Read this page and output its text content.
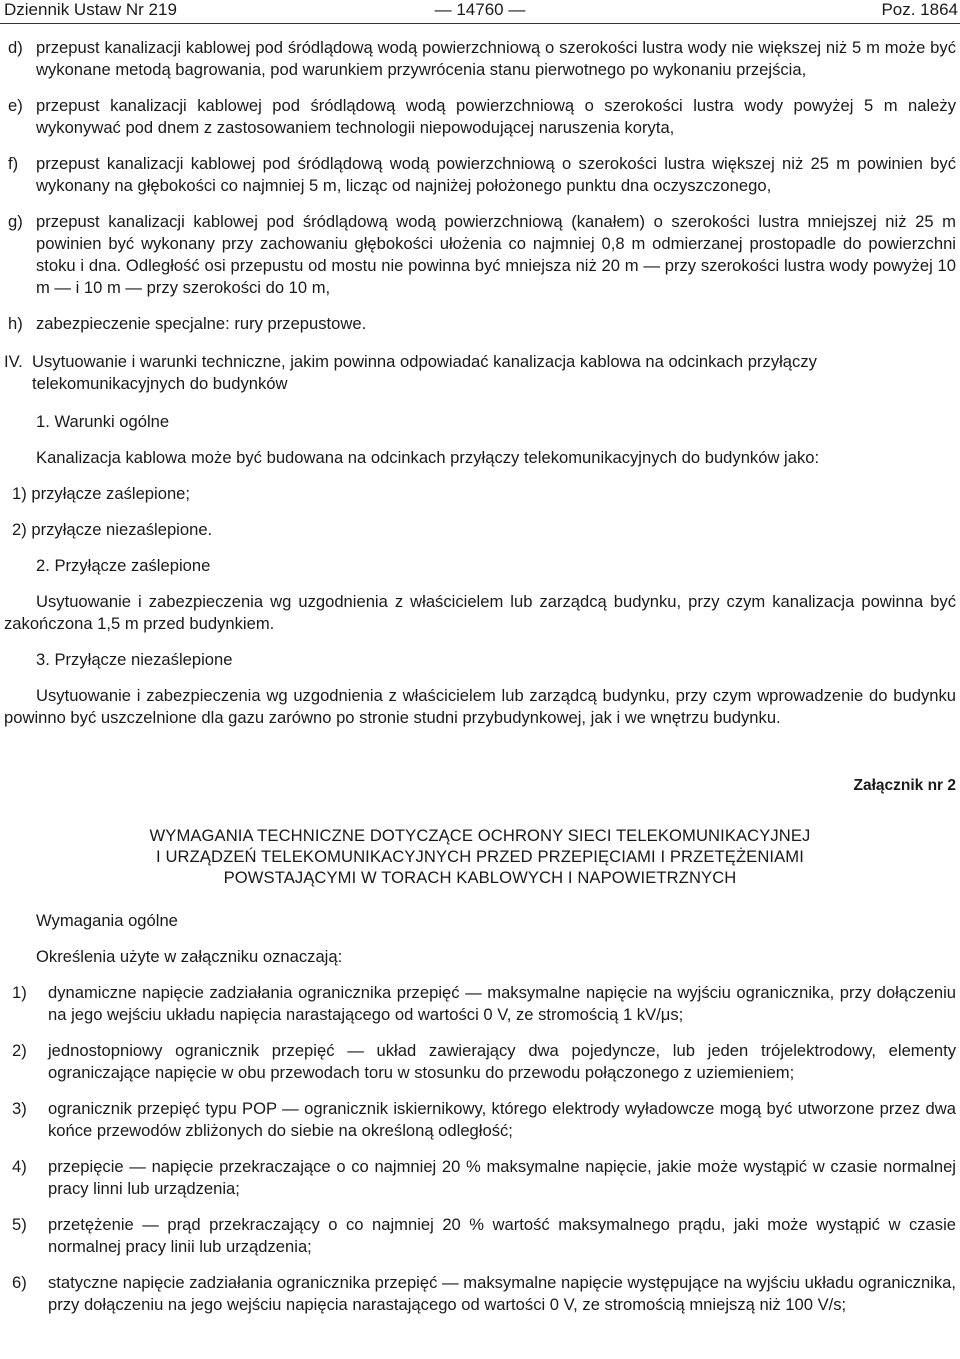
Dziennik Ustaw Nr 219	— 14760 —	Poz. 1864
d) przepust kanalizacji kablowej pod śródlądową wodą powierzchniową o szerokości lustra wody nie większej niż 5 m może być wykonane metodą bagrowania, pod warunkiem przywrócenia stanu pierwotnego po wykonaniu przejścia,
e) przepust kanalizacji kablowej pod śródlądową wodą powierzchniową o szerokości lustra wody powyżej 5 m należy wykonywać pod dnem z zastosowaniem technologii niepowodującej naruszenia koryta,
f)	przepust kanalizacji kablowej pod śródlądową wodą powierzchniową o szerokości lustra większej niż 25 m powinien być wykonany na głębokości co najmniej 5 m, licząc od najniżej położonego punktu dna oczyszczonego,
g) przepust kanalizacji kablowej pod śródlądową wodą powierzchniową (kanałem) o szerokości lustra mniejszej niż 25 m powinien być wykonany przy zachowaniu głębokości ułożenia co najmniej 0,8 m odmierzanej prostopadle do powierzchni stoku i dna. Odległość osi przepustu od mostu nie powinna być mniejsza niż 20 m — przy szerokości lustra wody powyżej 10 m — i 10 m — przy szerokości do 10 m,
h) zabezpieczenie specjalne: rury przepustowe.
IV. Usytuowanie i warunki techniczne, jakim powinna odpowiadać kanalizacja kablowa na odcinkach przyłączy telekomunikacyjnych do budynków
1. Warunki ogólne
Kanalizacja kablowa może być budowana na odcinkach przyłączy telekomunikacyjnych do budynków jako:
1) przyłącze zaślepione;
2) przyłącze niezaślepione.
2. Przyłącze zaślepione
Usytuowanie i zabezpieczenia wg uzgodnienia z właścicielem lub zarządcą budynku, przy czym kanalizacja powinna być zakończona 1,5 m przed budynkiem.
3. Przyłącze niezaślepione
Usytuowanie i zabezpieczenia wg uzgodnienia z właścicielem lub zarządcą budynku, przy czym wprowadzenie do budynku powinno być uszczelnione dla gazu zarówno po stronie studni przybudynkowej, jak i we wnętrzu budynku.
Załącznik nr 2
WYMAGANIA TECHNICZNE DOTYCZĄCE OCHRONY SIECI TELEKOMUNIKACYJNEJ
I URZĄDZEŃ TELEKOMUNIKACYJNYCH PRZED PRZEPIĘCIAMI I PRZETĘŻENIAMI
POWSTAJĄCYMI W TORACH KABLOWYCH I NAPOWIETRZNYCH
Wymagania ogólne
Określenia użyte w załączniku oznaczają:
1)	dynamiczne napięcie zadziałania ogranicznika przepięć — maksymalne napięcie na wyjściu ogranicznika, przy dołączeniu na jego wejściu układu napięcia narastającego od wartości 0 V, ze stromością 1 kV/μs;
2)	jednostopniowy ogranicznik przepięć — układ zawierający dwa pojedyncze, lub jeden trójelektrodowy, elementy ograniczające napięcie w obu przewodach toru w stosunku do przewodu połączonego z uziemieniem;
3)	ogranicznik przepięć typu POP — ogranicznik iskiernikowy, którego elektrody wyładowcze mogą być utworzone przez dwa końce przewodów zbliżonych do siebie na określoną odległość;
4)	przepięcie — napięcie przekraczające o co najmniej 20 % maksymalne napięcie, jakie może wystąpić w czasie normalnej pracy linni lub urządzenia;
5)	przetężenie — prąd przekraczający o co najmniej 20 % wartość maksymalnego prądu, jaki może wystąpić w czasie normalnej pracy linii lub urządzenia;
6)	statyczne napięcie zadziałania ogranicznika przepięć — maksymalne napięcie występujące na wyjściu układu ogranicznika, przy dołączeniu na jego wejściu napięcia narastającego od wartości 0 V, ze stromością mniejszą niż 100 V/s;
